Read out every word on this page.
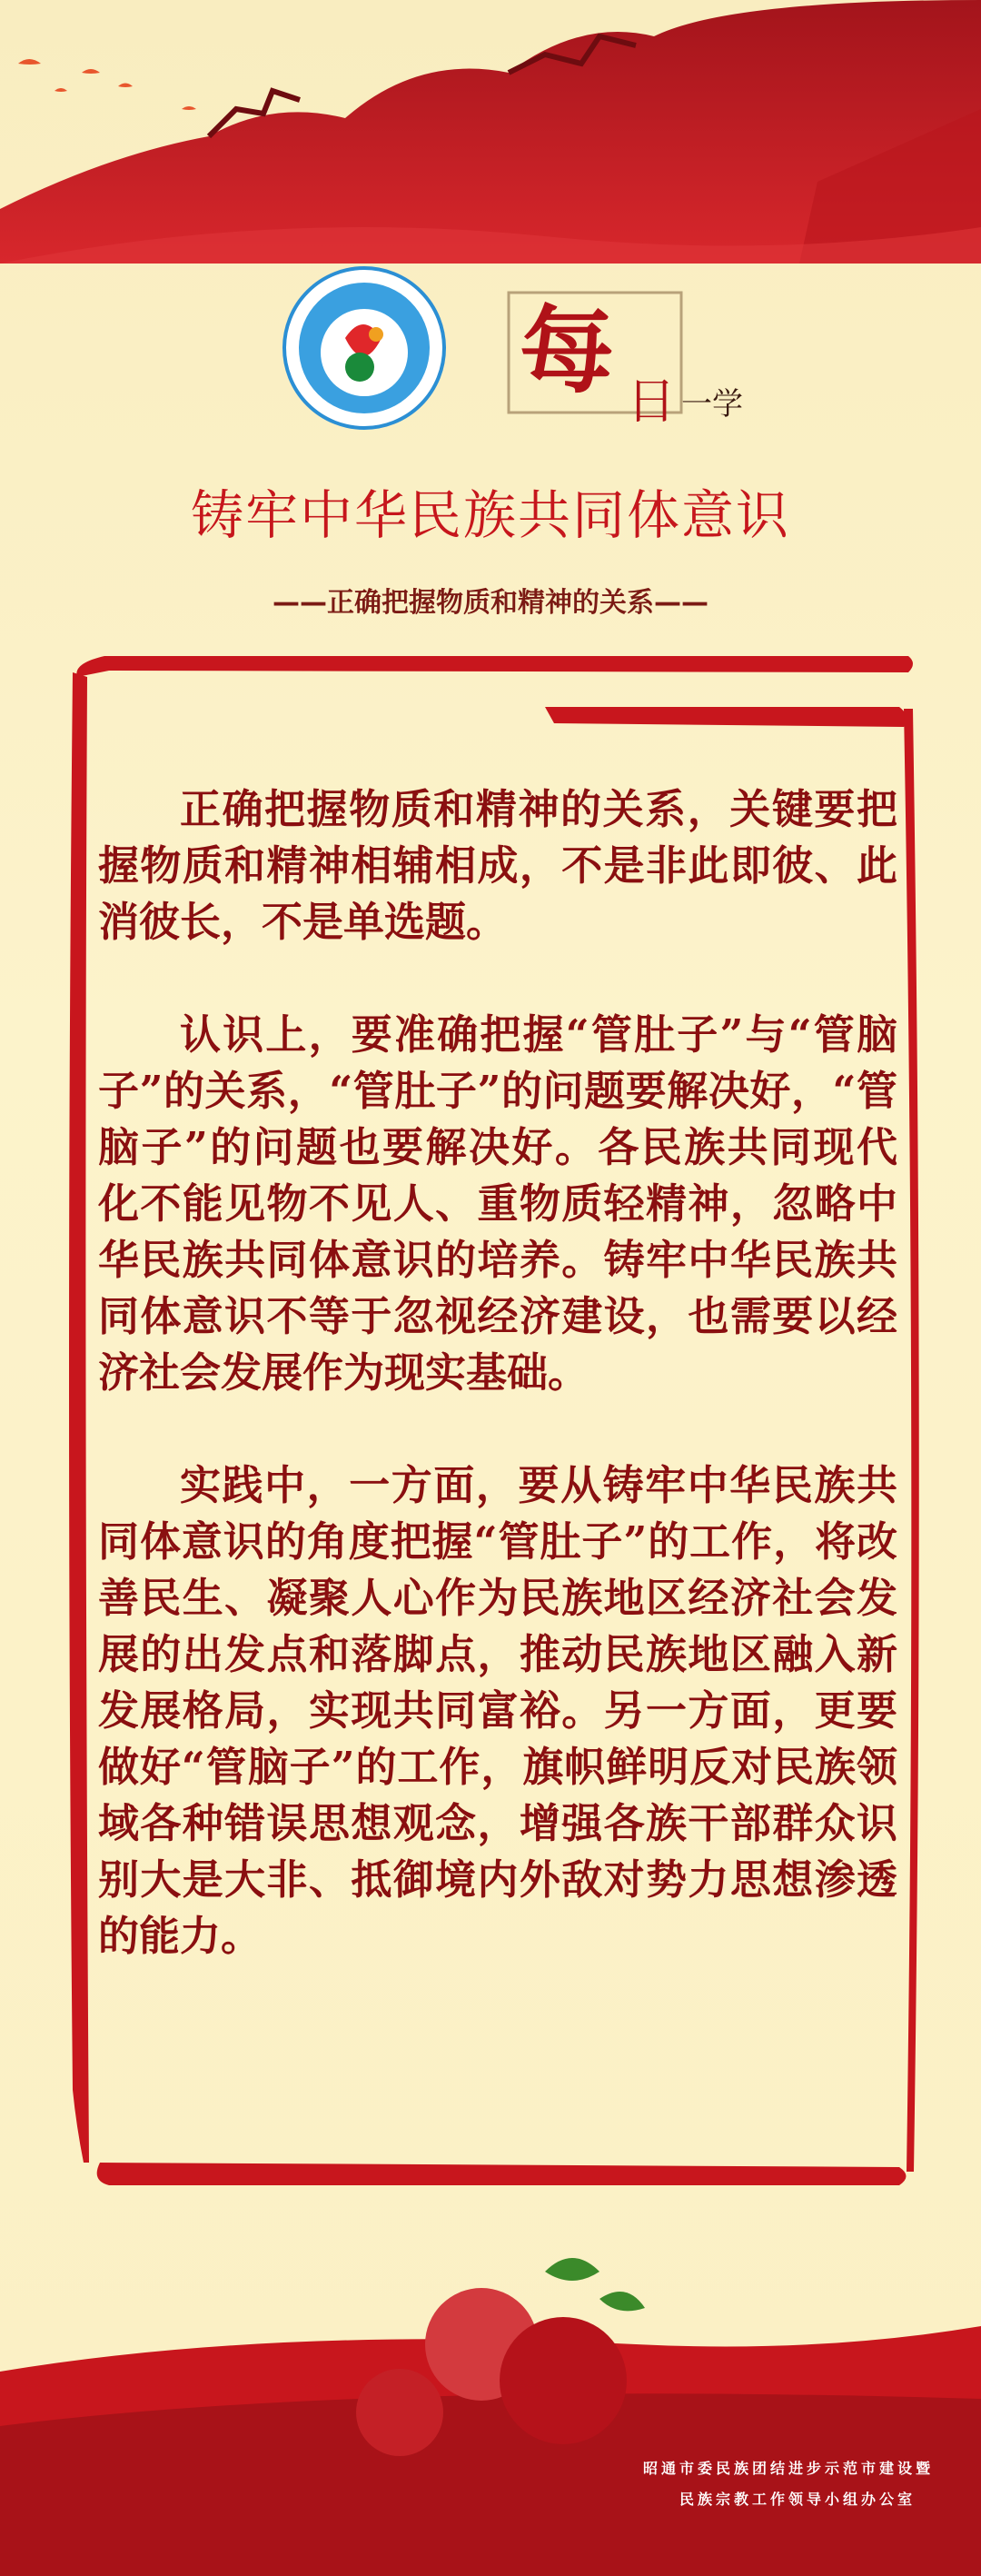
每 日 一学
铸牢中华民族共同体意识
——正确把握物质和精神的关系——

正确把握物质和精神的关系，关键要把握物质和精神相辅相成，不是非此即彼、此消彼长，不是单选题。

认识上，要准确把握“管肚子”与“管脑子”的关系，“管肚子”的问题要解决好，“管脑子”的问题也要解决好。各民族共同现代化不能见物不见人、重物质轻精神，忽略中华民族共同体意识的培养。铸牢中华民族共同体意识不等于忽视经济建设，也需要以经济社会发展作为现实基础。

实践中，一方面，要从铸牢中华民族共同体意识的角度把握“管肚子”的工作，将改善民生、凝聚人心作为民族地区经济社会发展的出发点和落脚点，推动民族地区融入新发展格局，实现共同富裕。另一方面，更要做好“管脑子”的工作，旗帜鲜明反对民族领域各种错误思想观念，增强各族干部群众识别大是大非、抵御境内外敌对势力思想渗透的能力。

昭通市委民族团结进步示范市建设暨
民族宗教工作领导小组办公室
